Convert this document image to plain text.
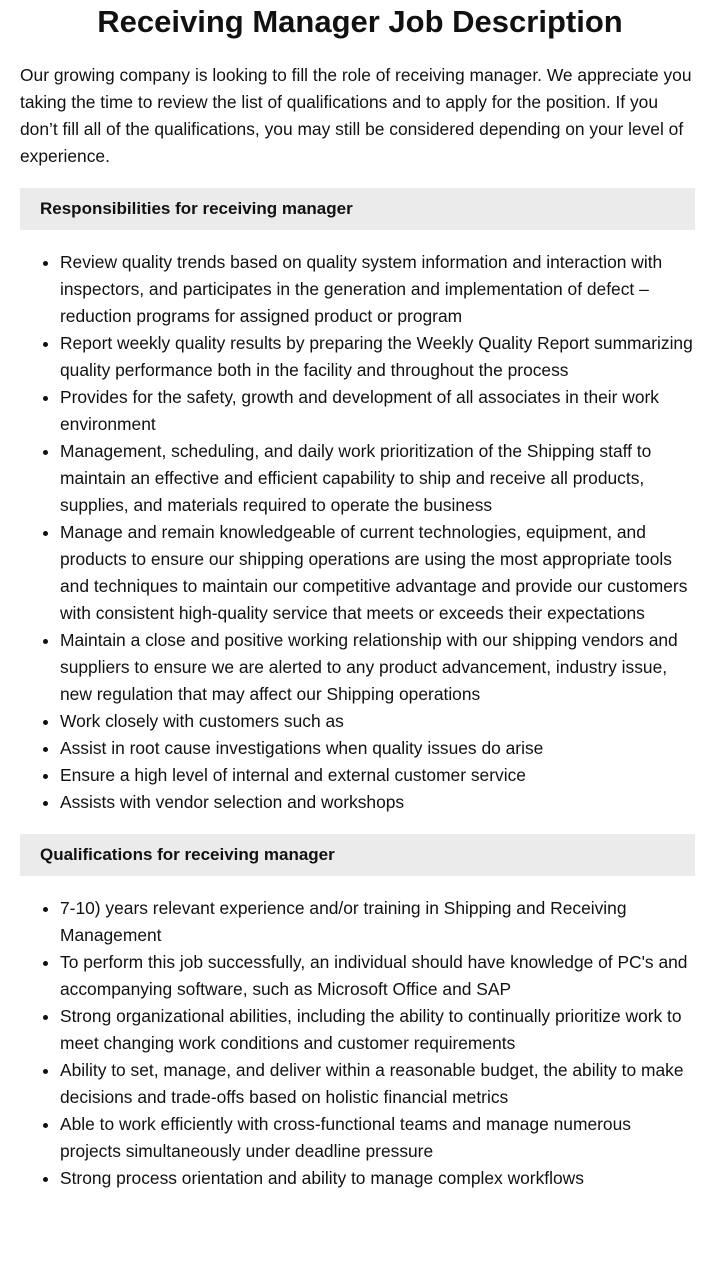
Receiving Manager Job Description

Our growing company is looking to fill the role of receiving manager. We appreciate you taking the time to review the list of qualifications and to apply for the position. If you don’t fill all of the qualifications, you may still be considered depending on your level of experience.

Responsibilities for receiving manager
• Review quality trends based on quality system information and interaction with inspectors, and participates in the generation and implementation of defect – reduction programs for assigned product or program
• Report weekly quality results by preparing the Weekly Quality Report summarizing quality performance both in the facility and throughout the process
• Provides for the safety, growth and development of all associates in their work environment
• Management, scheduling, and daily work prioritization of the Shipping staff to maintain an effective and efficient capability to ship and receive all products, supplies, and materials required to operate the business
• Manage and remain knowledgeable of current technologies, equipment, and products to ensure our shipping operations are using the most appropriate tools and techniques to maintain our competitive advantage and provide our customers with consistent high-quality service that meets or exceeds their expectations
• Maintain a close and positive working relationship with our shipping vendors and suppliers to ensure we are alerted to any product advancement, industry issue, new regulation that may affect our Shipping operations
• Work closely with customers such as
• Assist in root cause investigations when quality issues do arise
• Ensure a high level of internal and external customer service
• Assists with vendor selection and workshops
Qualifications for receiving manager
• 7-10) years relevant experience and/or training in Shipping and Receiving Management
• To perform this job successfully, an individual should have knowledge of PC's and accompanying software, such as Microsoft Office and SAP
• Strong organizational abilities, including the ability to continually prioritize work to meet changing work conditions and customer requirements
• Ability to set, manage, and deliver within a reasonable budget, the ability to make decisions and trade-offs based on holistic financial metrics
• Able to work efficiently with cross-functional teams and manage numerous projects simultaneously under deadline pressure
• Strong process orientation and ability to manage complex workflows
